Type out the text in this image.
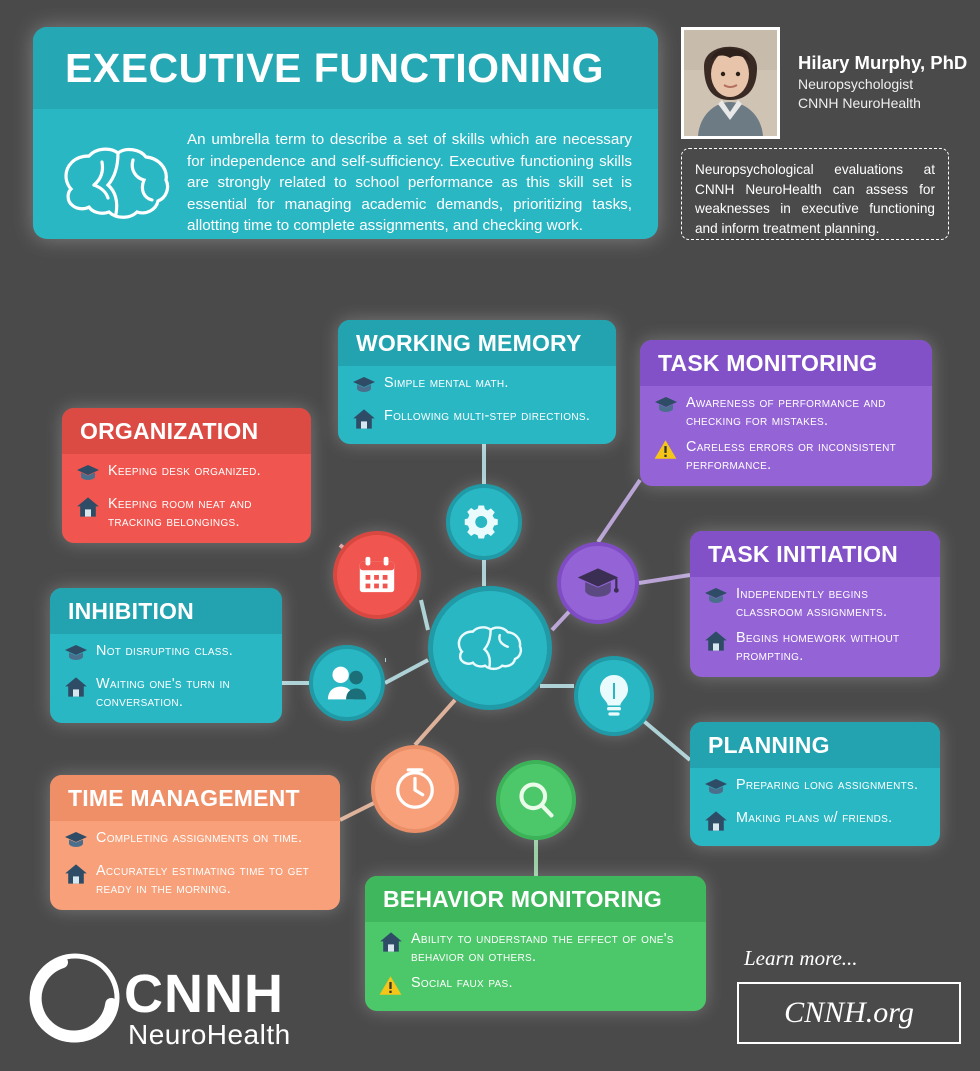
EXECUTIVE FUNCTIONING
An umbrella term to describe a set of skills which are necessary for independence and self-sufficiency. Executive functioning skills are strongly related to school performance as this skill set is essential for managing academic demands, prioritizing tasks, allotting time to complete assignments, and checking work.
Hilary Murphy, PhD
Neuropsychologist
CNNH NeuroHealth
Neuropsychological evaluations at CNNH NeuroHealth can assess for weaknesses in executive functioning and inform treatment planning.
WORKING MEMORY
Simple mental math.
Following multi-step directions.
TASK MONITORING
Awareness of performance and checking for mistakes.
Careless errors or inconsistent performance.
ORGANIZATION
Keeping desk organized.
Keeping room neat and tracking belongings.
TASK INITIATION
Independently begins classroom assignments.
Begins homework without prompting.
INHIBITION
Not disrupting class.
Waiting one's turn in conversation.
PLANNING
Preparing long assignments.
Making plans w/ friends.
TIME MANAGEMENT
Completing assignments on time.
Accurately estimating time to get ready in the morning.	BEHAVIOR MONITORING
Ability to understand the effect of one's behavior on others.
Social faux pas.
CNNH
NeuroHealth
Learn more...
CNNH.org
